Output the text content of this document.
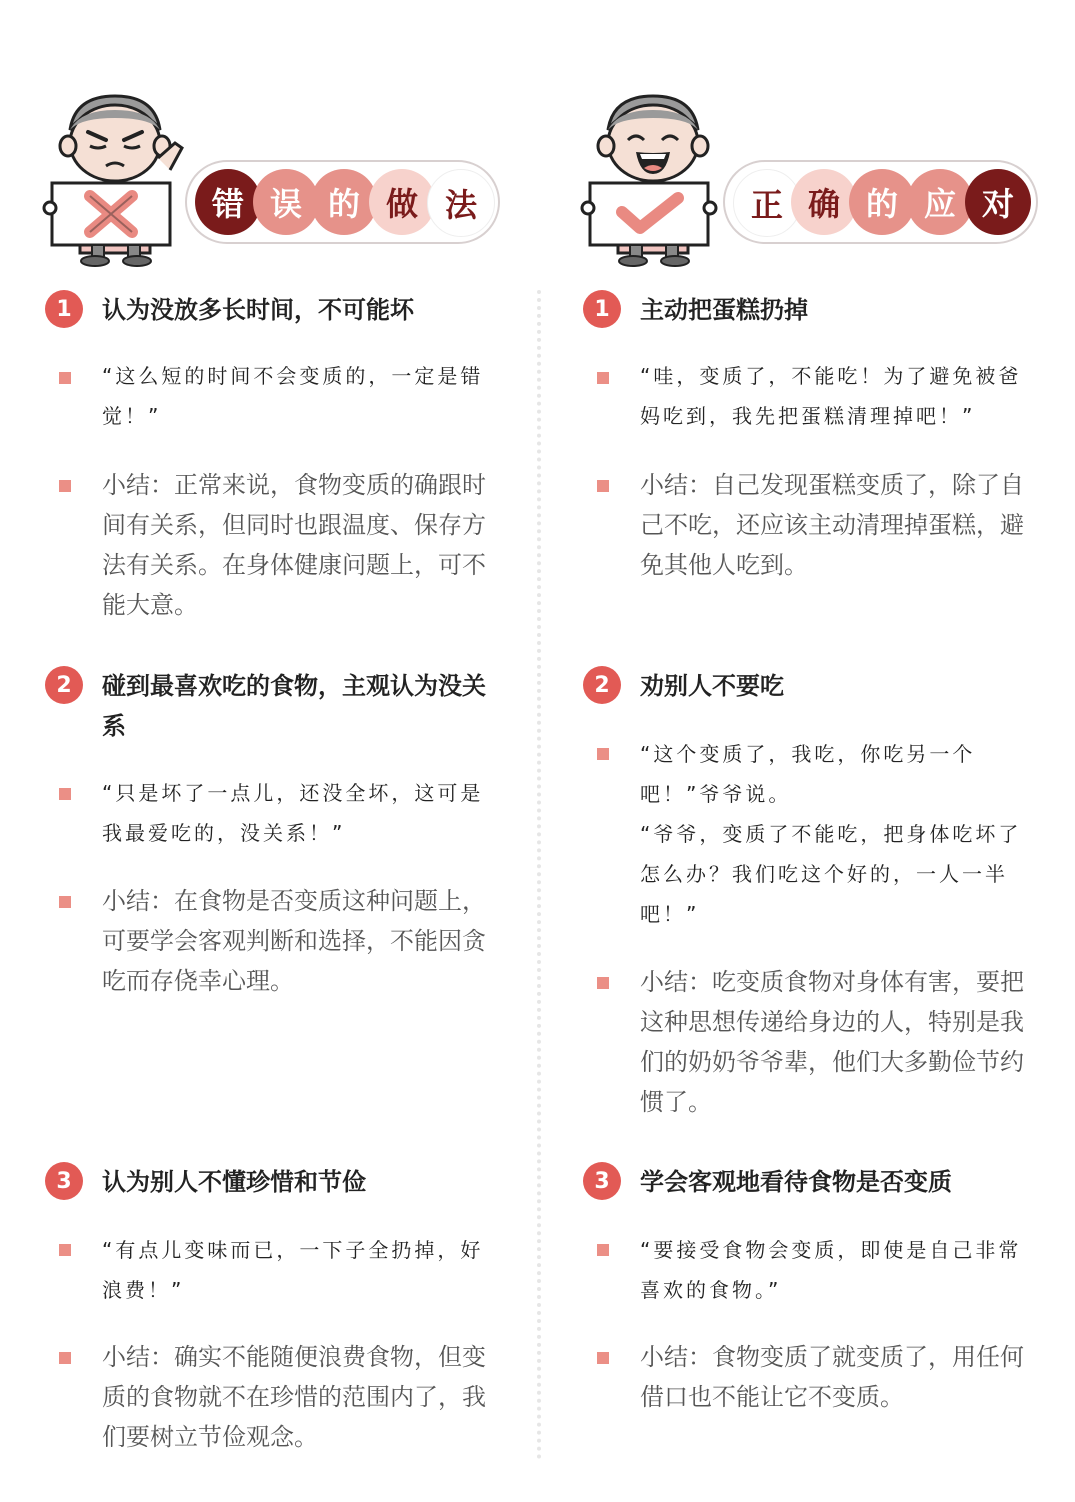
错 误 的 做 法
1	认为没放多长时间，不可能坏
“这么短的时间不会变质的，一定是错觉！”
小结：正常来说，食物变质的确跟时间有关系，但同时也跟温度、保存方法有关系。在身体健康问题上，可不能大意。
2	碰到最喜欢吃的食物，主观认为没关系
“只是坏了一点儿，还没全坏，这可是我最爱吃的，没关系！”
小结：在食物是否变质这种问题上，可要学会客观判断和选择，不能因贪吃而存侥幸心理。
3	认为别人不懂珍惜和节俭
“有点儿变味而已，一下子全扔掉，好浪费！”
小结：确实不能随便浪费食物，但变质的食物就不在珍惜的范围内了，我们要树立节俭观念。
正 确 的 应 对
1	主动把蛋糕扔掉
“哇，变质了，不能吃！为了避免被爸妈吃到，我先把蛋糕清理掉吧！”
小结：自己发现蛋糕变质了，除了自己不吃，还应该主动清理掉蛋糕，避免其他人吃到。
2	劝别人不要吃
“这个变质了，我吃，你吃另一个吧！”爷爷说。
“爷爷，变质了不能吃，把身体吃坏了怎么办？我们吃这个好的，一人一半吧！”
小结：吃变质食物对身体有害，要把这种思想传递给身边的人，特别是我们的奶奶爷爷辈，他们大多勤俭节约惯了。
3	学会客观地看待食物是否变质
“要接受食物会变质，即使是自己非常喜欢的食物。”
小结：食物变质了就变质了，用任何借口也不能让它不变质。
